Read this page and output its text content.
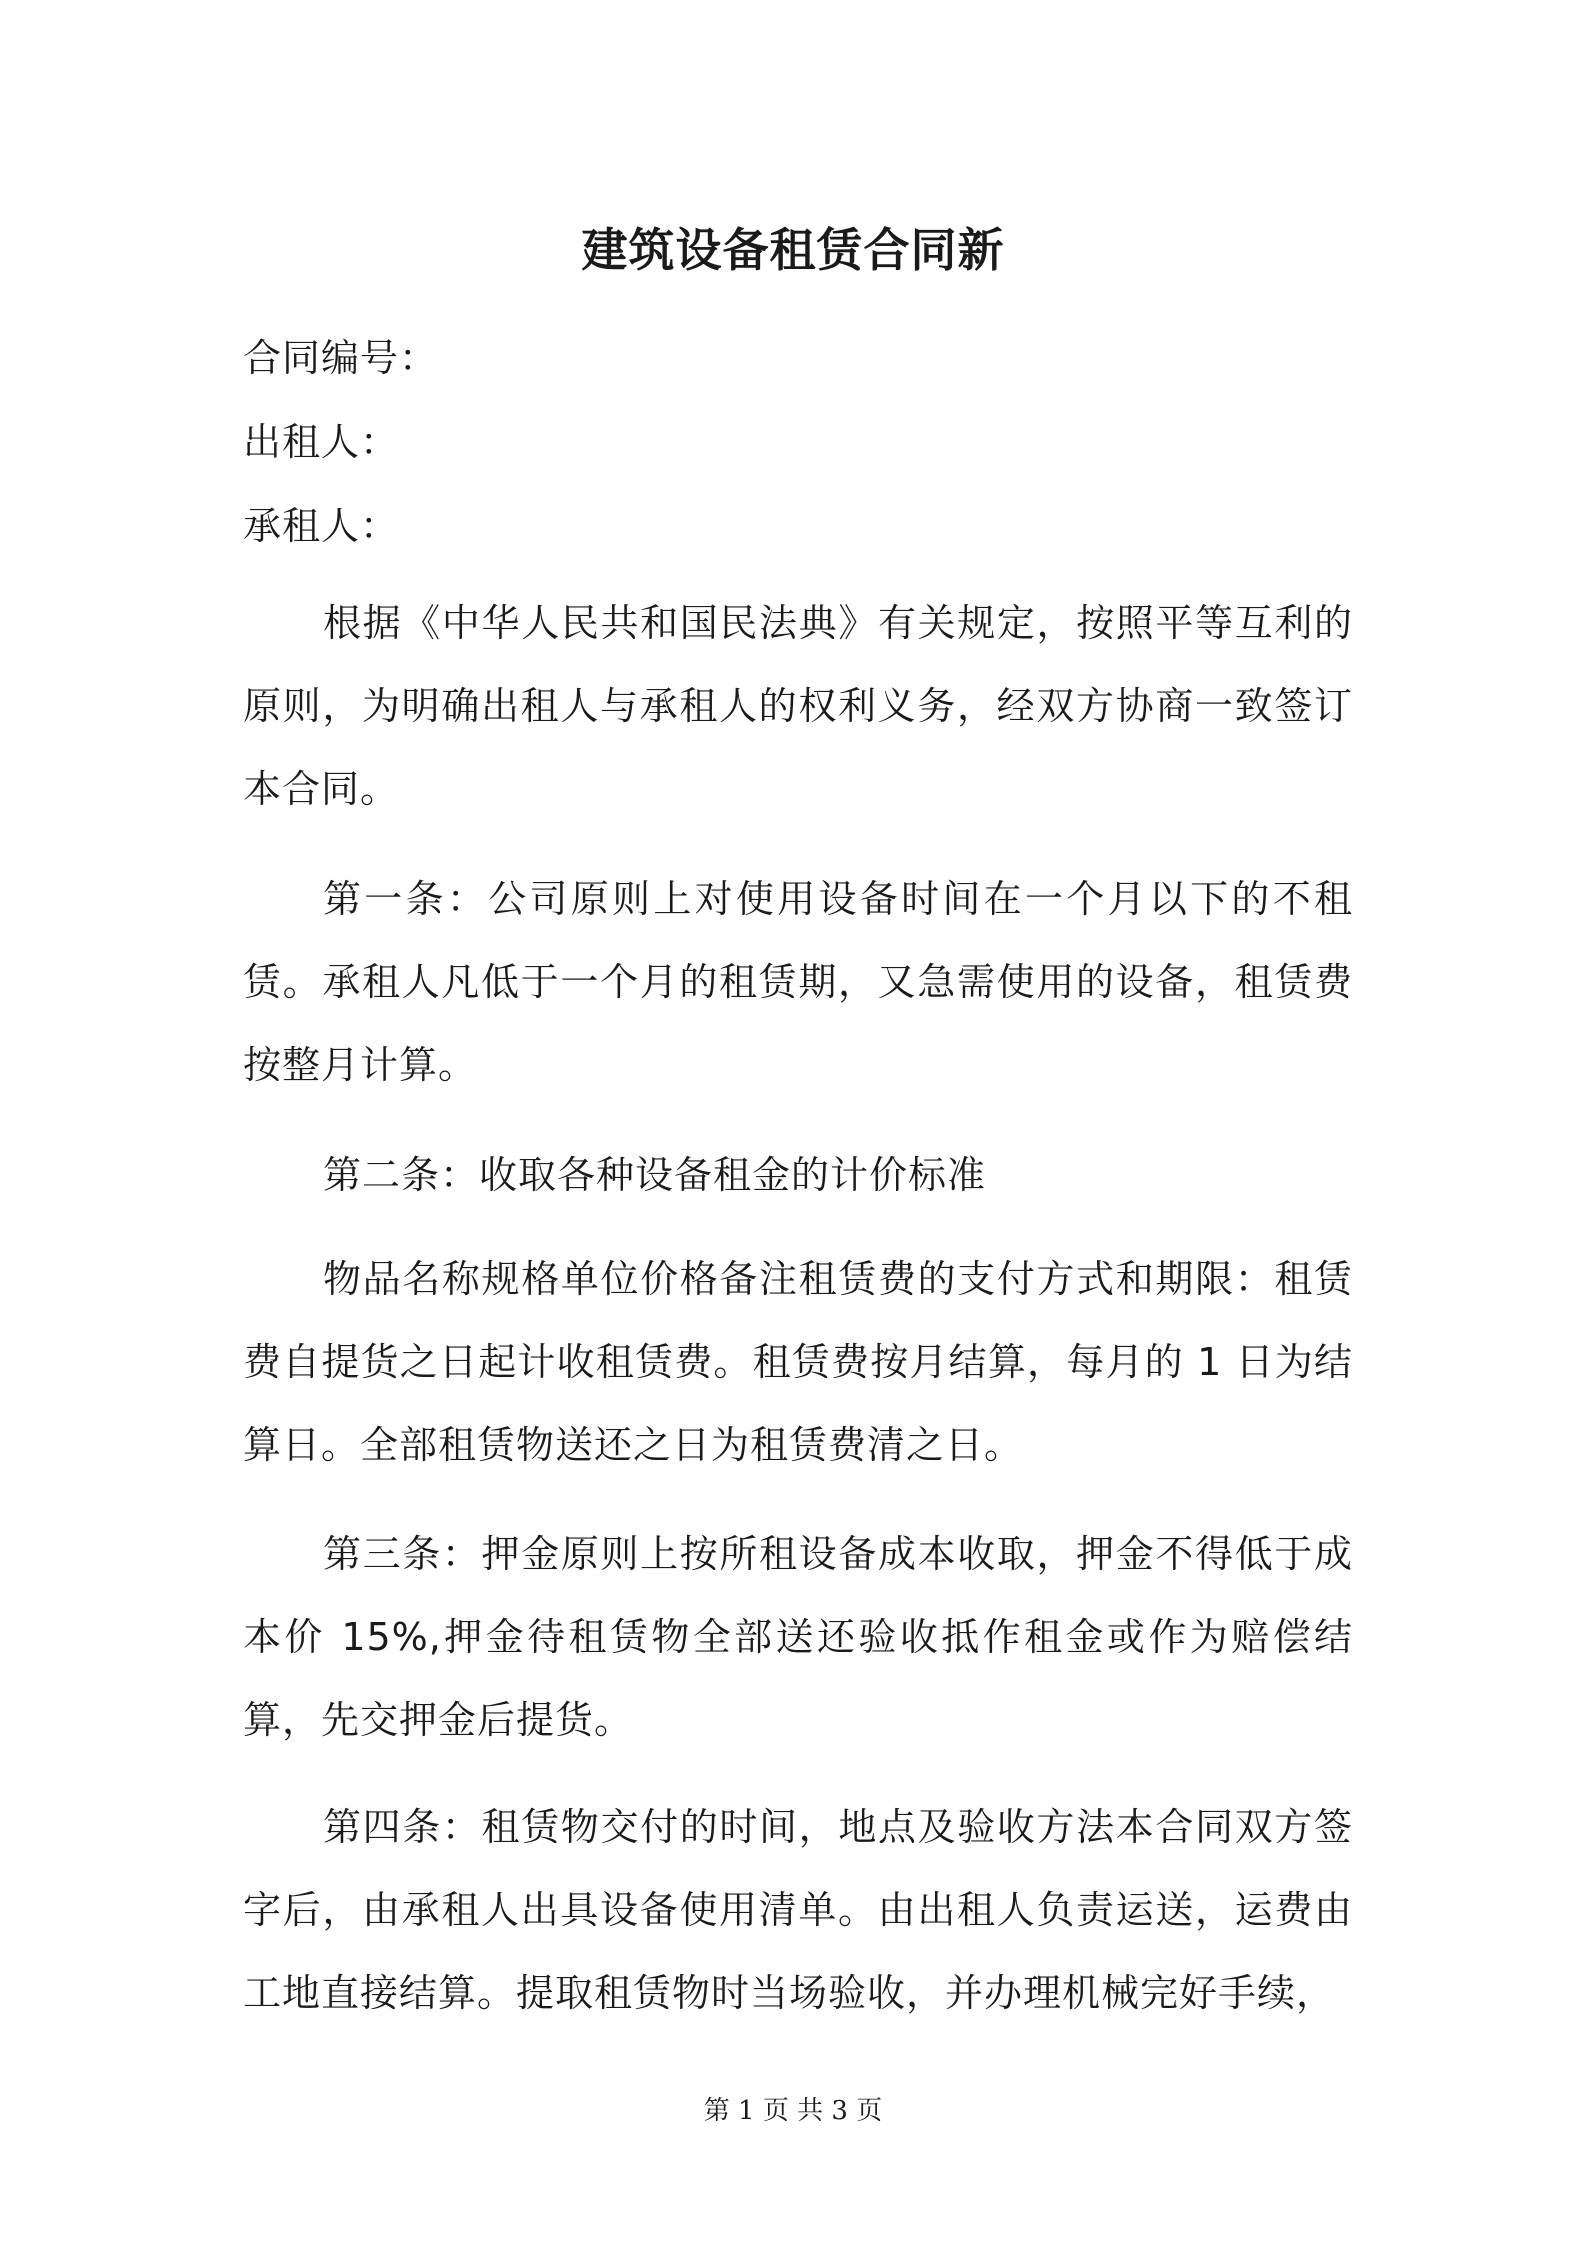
建筑设备租赁合同新
合同编号：
出租人：
承租人：

根据《中华人民共和国民法典》有关规定，按照平等互利的原则，为明确出租人与承租人的权利义务，经双方协商一致签订本合同。

第一条：公司原则上对使用设备时间在一个月以下的不租赁。承租人凡低于一个月的租赁期，又急需使用的设备，租赁费按整月计算。

第二条：收取各种设备租金的计价标准

物品名称规格单位价格备注租赁费的支付方式和期限：租赁费自提货之日起计收租赁费。租赁费按月结算，每月的 1 日为结算日。全部租赁物送还之日为租赁费清之日。

第三条：押金原则上按所租设备成本收取，押金不得低于成本价 15%,押金待租赁物全部送还验收抵作租金或作为赔偿结算，先交押金后提货。

第四条：租赁物交付的时间，地点及验收方法本合同双方签字后，由承租人出具设备使用清单。由出租人负责运送，运费由工地直接结算。提取租赁物时当场验收，并办理机械完好手续，

第 1 页 共 3 页
